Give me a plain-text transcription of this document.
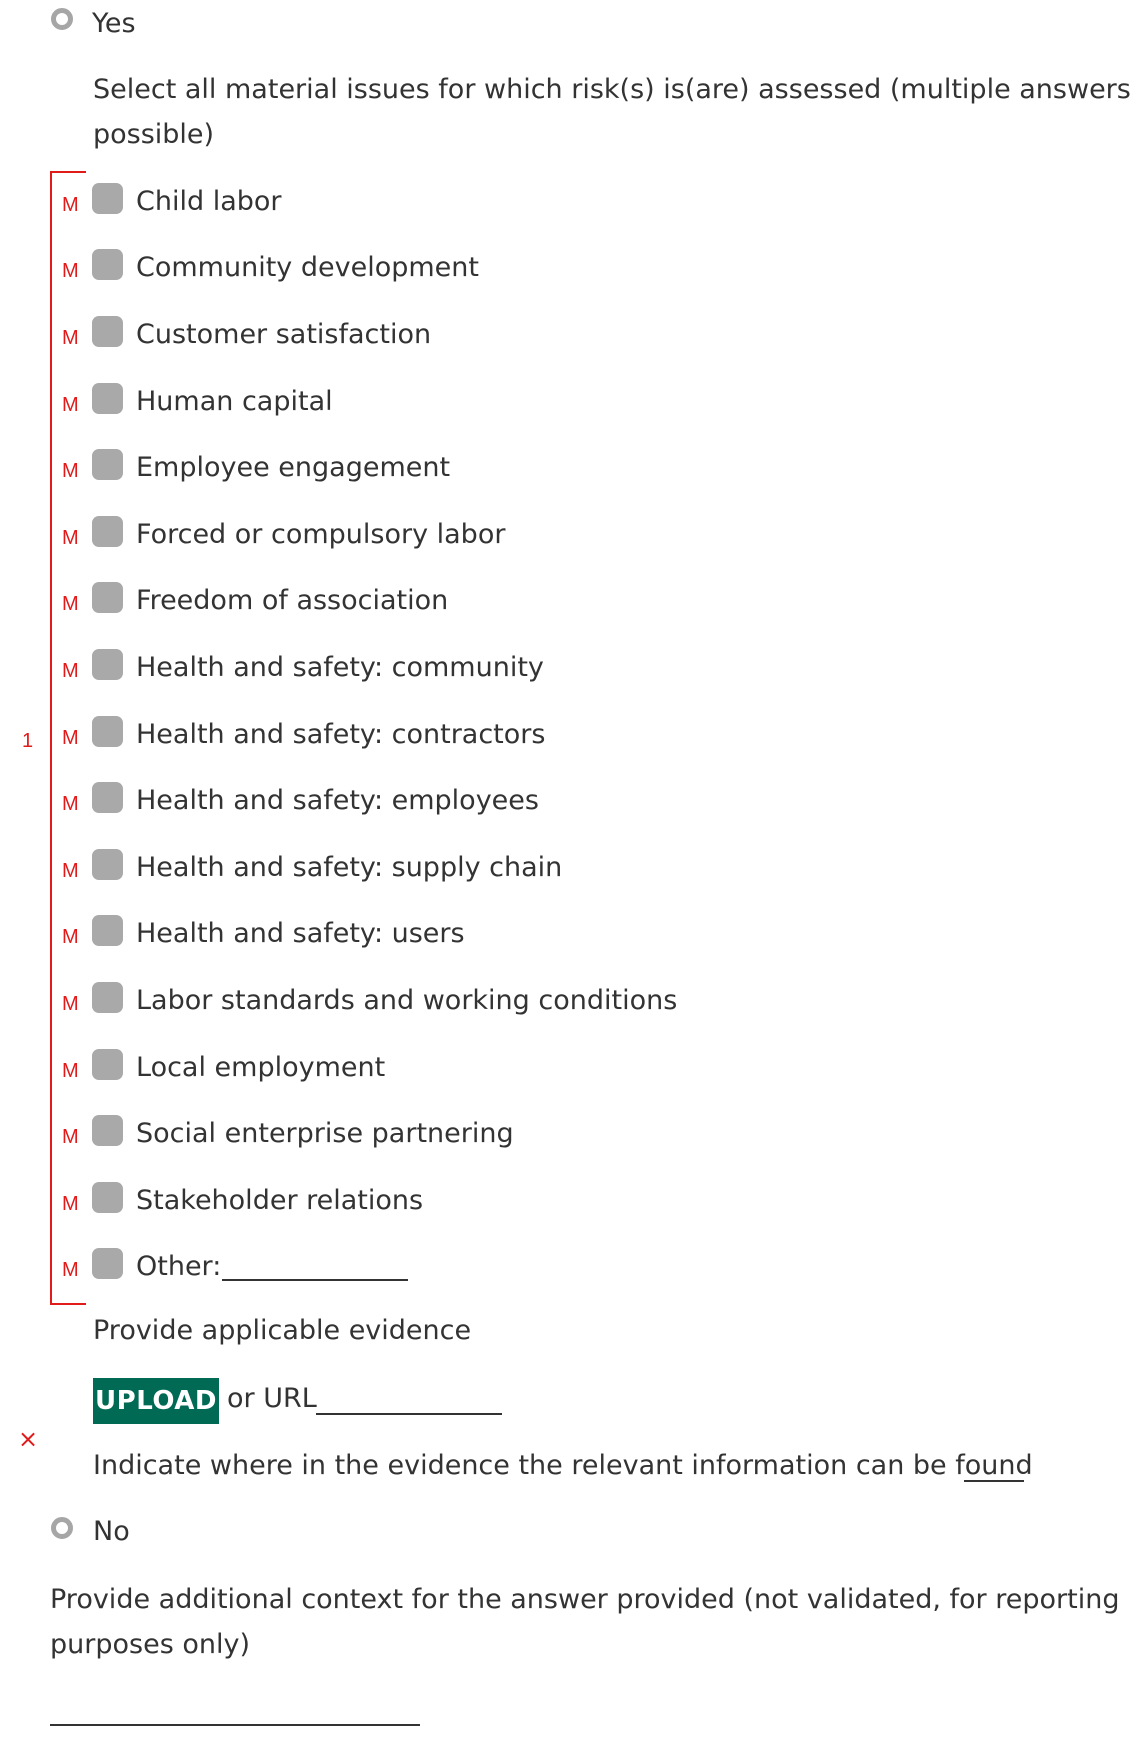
Yes
Select all material issues for which risk(s) is(are) assessed (multiple answers
possible)
1
M Child labor
M Community development
M Customer satisfaction
M Human capital
M Employee engagement
M Forced or compulsory labor
M Freedom of association
M Health and safety: community
M Health and safety: contractors
M Health and safety: employees
M Health and safety: supply chain
M Health and safety: users
M Labor standards and working conditions
M Local employment
M Social enterprise partnering
M Stakeholder relations
M Other:
Provide applicable evidence
UPLOAD or URL
×
Indicate where in the evidence the relevant information can be found
No
Provide additional context for the answer provided (not validated, for reporting
purposes only)
